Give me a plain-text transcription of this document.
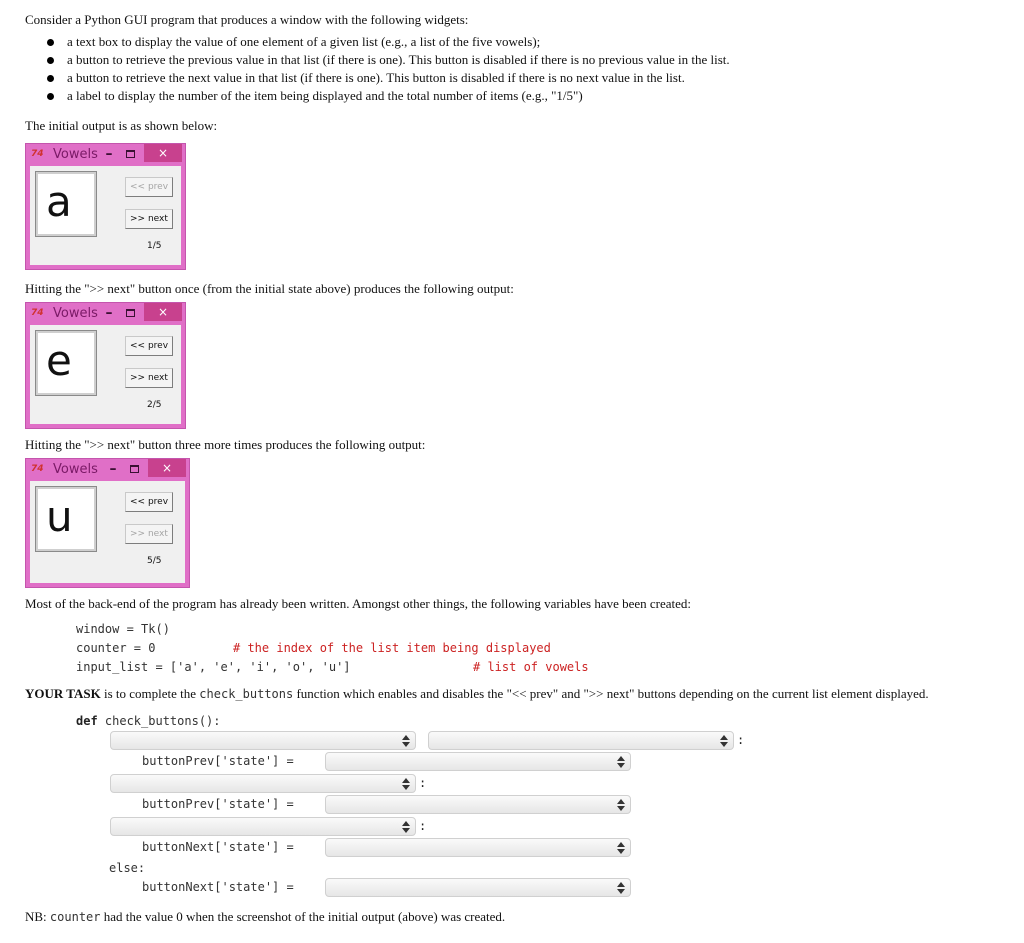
Consider a Python GUI program that produces a window with the following widgets:
a text box to display the value of one element of a given list (e.g., a list of the five vowels);
a button to retrieve the previous value in that list (if there is one). This button is disabled if there is no previous value in the list.
a button to retrieve the next value in that list (if there is one). This button is disabled if there is no next value in the list.
a label to display the number of the item being displayed and the total number of items (e.g., "1/5")
The initial output is as shown below:
74 Vowels –	×
a	<< prev
>> next
1/5
Hitting the ">> next" button once (from the initial state above) produces the following output:
74 Vowels –	×
e	<< prev
>> next
2/5
Hitting the ">> next" button three more times produces the following output:
74 Vowels –	×
u	<< prev
>> next
5/5
Most of the back-end of the program has already been written. Amongst other things, the following variables have been created:
window = Tk()
counter = 0	# the index of the list item being displayed
input_list = ['a', 'e', 'i', 'o', 'u']	# list of vowels
YOUR TASK is to complete the check_buttons function which enables and disables the "<< prev" and ">> next" buttons depending on the current list element displayed.
def check_buttons():
:
buttonPrev['state'] =
:
buttonPrev['state'] =
:
buttonNext['state'] =
else:
buttonNext['state'] =
NB: counter had the value 0 when the screenshot of the initial output (above) was created.
